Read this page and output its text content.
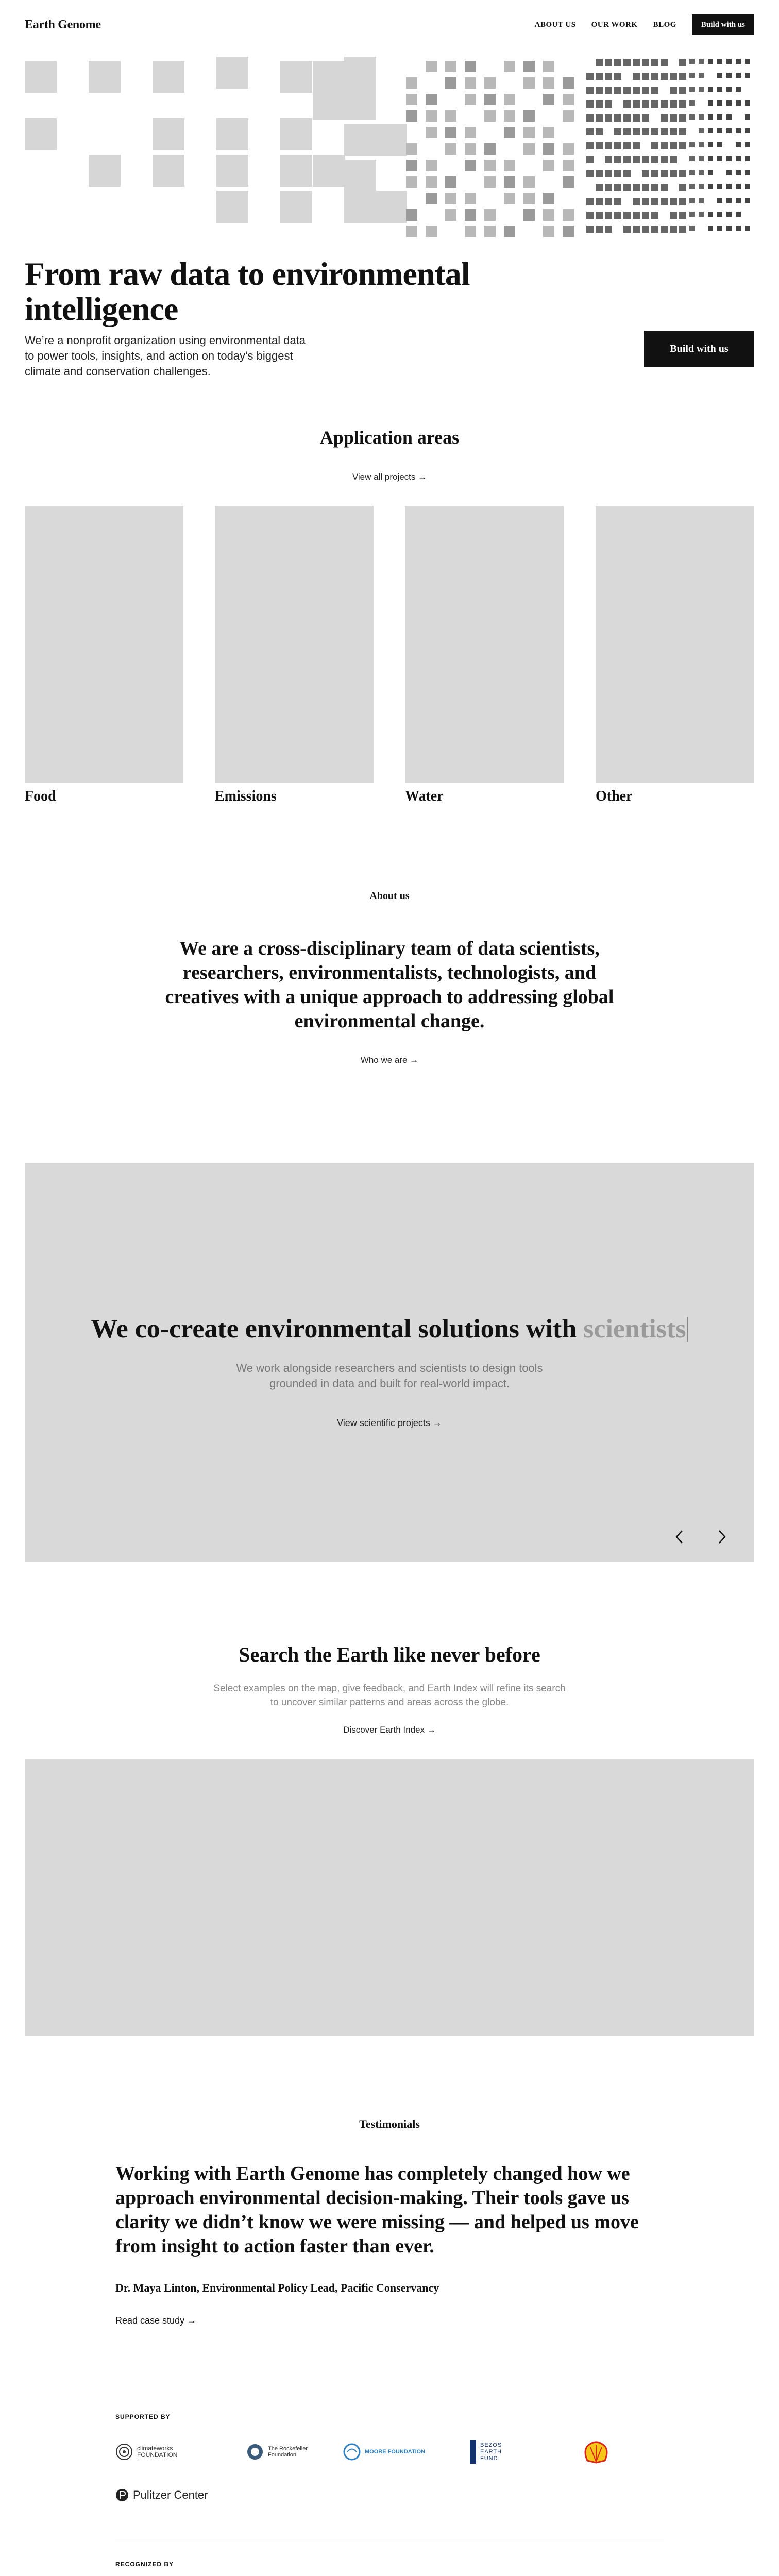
Earth Genome	ABOUT US OUR WORK BLOG	Build with us
From raw data to environmental intelligence

We’re a nonprofit organization using environmental data to power tools, insights, and action on today’s biggest climate and conservation challenges.

Build with us
Application areas
View all projects →
Food	Emissions	Water	Other
About us

We are a cross-disciplinary team of data scientists, researchers, environmentalists, technologists, and creatives with a unique approach to addressing global environmental change.

Who we are →
We co-create environmental solutions with scientists

We work alongside researchers and scientists to design tools grounded in data and built for real-world impact.

View scientific projects →
Search the Earth like never before

Select examples on the map, give feedback, and Earth Index will refine its search to uncover similar patterns and areas across the globe.

Discover Earth Index →
Testimonials
Working with Earth Genome has completely changed how we approach environmental decision-making. Their tools gave us clarity we didn’t know we were missing — and helped us move from insight to action faster than ever.
Dr. Maya Linton, Environmental Policy Lead, Pacific Conservancy
Read case study →
SUPPORTED BY
climateworks FOUNDATION
The Rockefeller Foundation	MOORE FOUNDATION
BEZOS EARTH FUND
Pulitzer Center
RECOGNIZED BY
